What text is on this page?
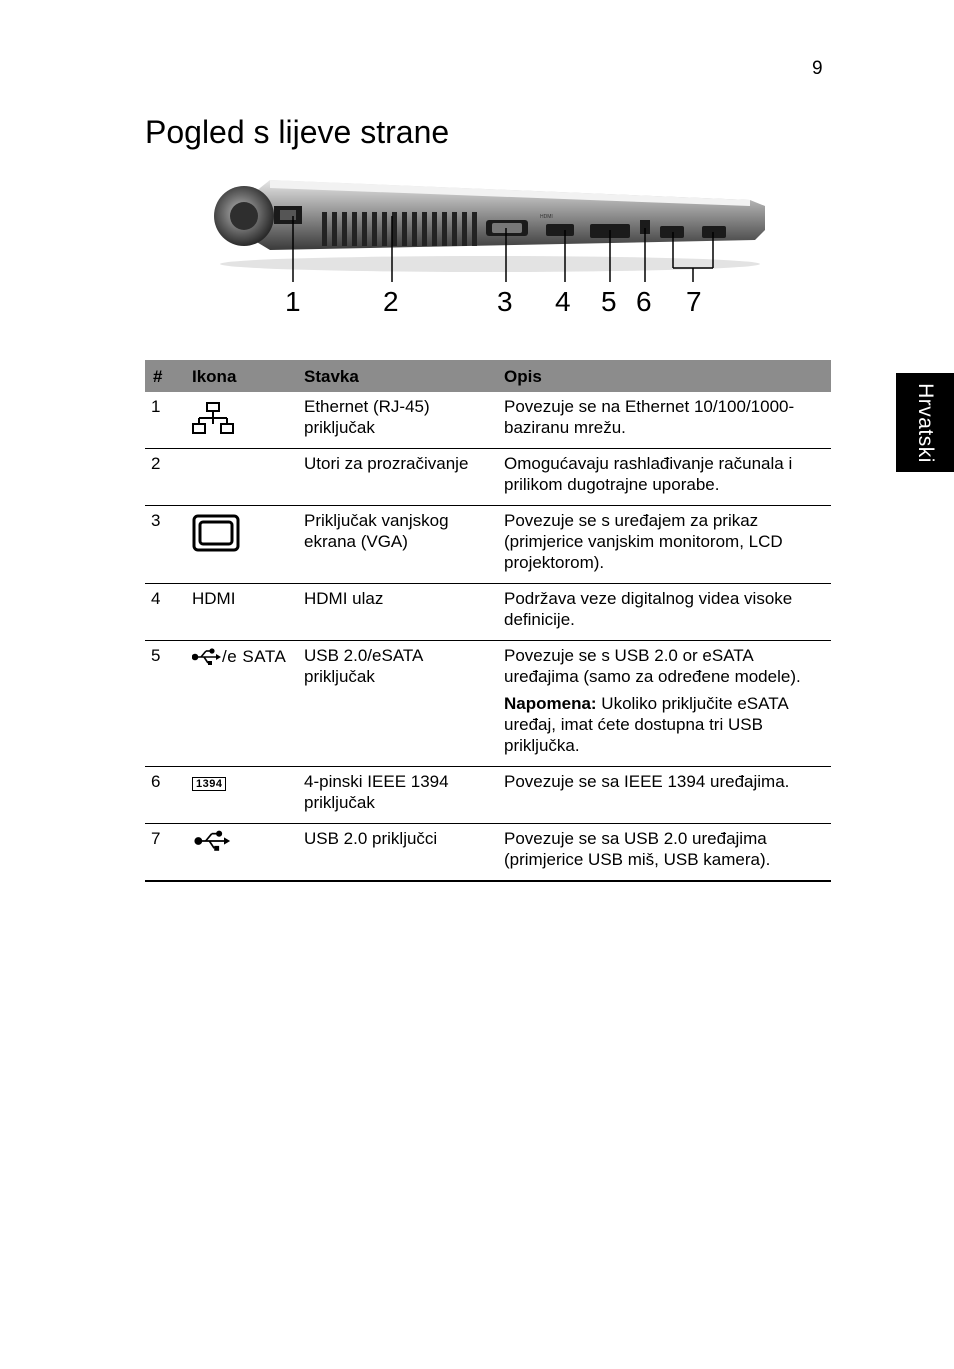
9
Pogled s lijeve strane
Hrvatski
HDMI
1	2	3 4 5 6 7
#	Ikona	Stavka	Opis
1		Ethernet (RJ-45) priključak	Povezuje se na Ethernet 10/100/1000-baziranu mrežu.
2		Utori za prozračivanje	Omogućavaju rashlađivanje računala i prilikom dugotrajne uporabe.
3		Priključak vanjskog ekrana (VGA)	Povezuje se s uređajem za prikaz (primjerice vanjskim monitorom, LCD projektorom).
4	HDMI	HDMI ulaz	Podržava veze digitalnog videa visoke definicije.
5	/e SATA	USB 2.0/eSATA priključak	Povezuje se s USB 2.0 or eSATA uređajima (samo za određene modele).
Napomena: Ukoliko priključite eSATA uređaj, imat ćete dostupna tri USB priključka.

6	1394	4-pinski IEEE 1394 priključak	Povezuje se sa IEEE 1394 uređajima.
7		USB 2.0 priključci	Povezuje se sa USB 2.0 uređajima (primjerice USB miš, USB kamera).
